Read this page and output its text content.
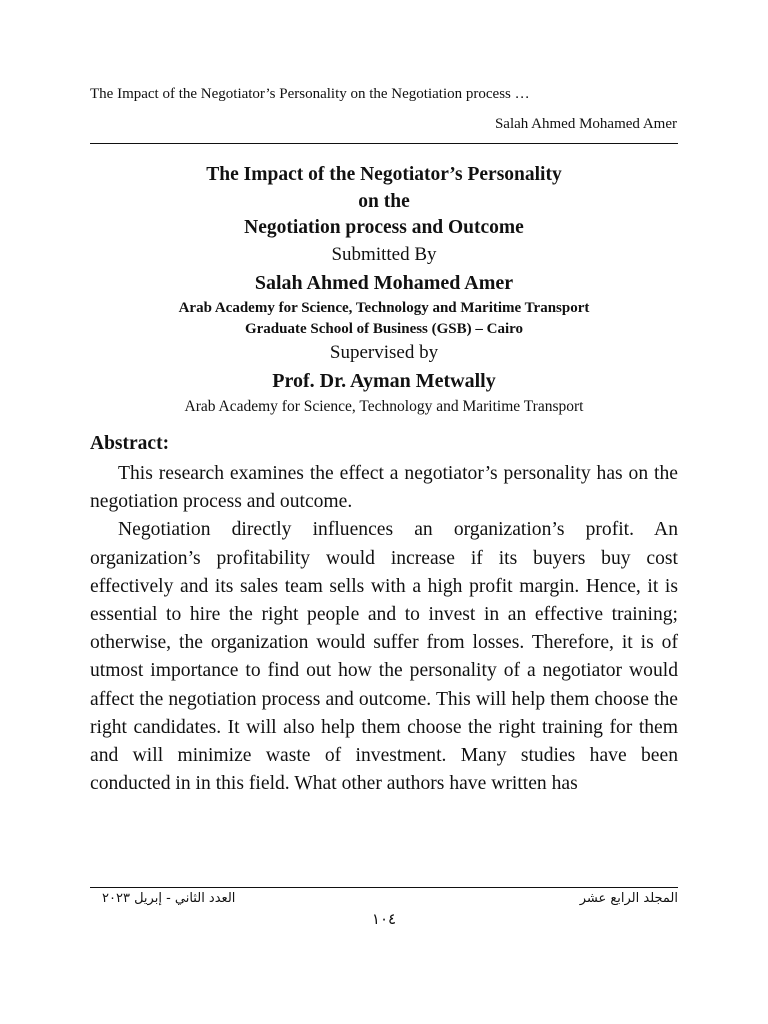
The Impact of the Negotiator’s Personality on the Negotiation process …
Salah Ahmed Mohamed Amer
The Impact of the Negotiator’s Personality
on the
Negotiation process and Outcome
Submitted By
Salah Ahmed Mohamed Amer
Arab Academy for Science, Technology and Maritime Transport
Graduate School of Business (GSB) – Cairo
Supervised by
Prof. Dr. Ayman Metwally
Arab Academy for Science, Technology and Maritime Transport
Abstract:

This research examines the effect a negotiator’s personality has on the negotiation process and outcome.

Negotiation directly influences an organization’s profit. An organization’s profitability would increase if its buyers buy cost effectively and its sales team sells with a high profit margin. Hence, it is essential to hire the right people and to invest in an effective training; otherwise, the organization would suffer from losses. Therefore, it is of utmost importance to find out how the personality of a negotiator would affect the negotiation process and outcome. This will help them choose the right candidates. It will also help them choose the right training for them and will minimize waste of investment. Many studies have been conducted in in this field. What other authors have written has

العدد الثاني - إبريل ٢٠٢٣	المجلد الرابع عشر
١٠٤
